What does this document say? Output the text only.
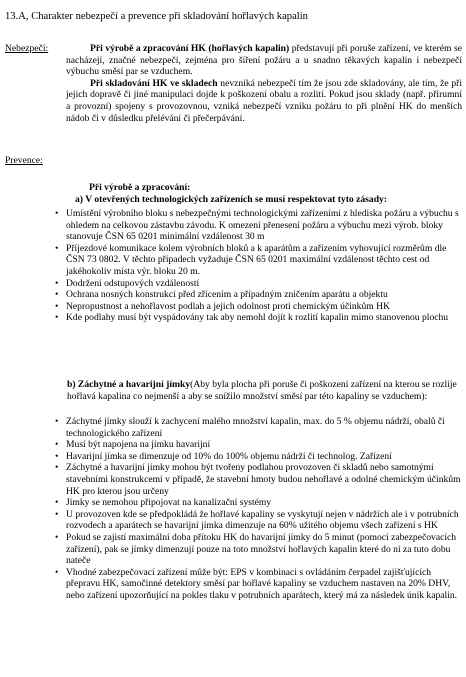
13.A, Charakter nebezpečí a prevence při skladování hořlavých kapalin
Nebezpečí:	Při výrobě a zpracování HK (hořlavých kapalin) představují při poruše zařízení, ve kterém se nacházejí, značné nebezpečí, zejména pro šíření požáru a u snadno těkavých kapalin i nebezpečí výbuchu směsí par se vzduchem.

Při skladování HK ve skladech nevzniká nebezpečí tím že jsou zde skladovány, ale tím, že při jejich dopravě či jiné manipulaci dojde k poškození obalu a rozlití. Pokud jsou sklady (např. přírumní a provozní) spojeny s provozovnou, vzniká nebezpečí vzniku požáru to při plnění HK do menších nádob či v důsledku přelévání či přečerpávání.

Prevence:
Při výrobě a zpracování:
a) V otevřených technologických zařízeních se musí respektovat tyto zásady:
• Umístění výrobního bloku s nebezpečnými technologickými zařízeními z hlediska požáru a výbuchu s ohledem na celkovou zástavbu závodu. K omezení přenesení požáru a výbuchu mezi výrob. bloky stanovuje ČSN 65 0201 minimální vzdálenost 30 m
• Příjezdové komunikace kolem výrobních bloků a k aparátům a zařízením vyhovující rozměrům dle ČSN 73 0802. V těchto případech vyžaduje ČSN 65 0201 maximální vzdálenost těchto cest od jakéhokoliv místa výr. bloku 20 m.
• Dodržení odstupových vzdáleností
• Ochrana nosných konstrukcí před zřícením a případným zničením aparátu a objektu
• Nepropustnost a nehořlavost podlah a jejich odolnost proti chemickým účinkům HK
• Kde podlahy musí být vyspádovány tak aby nemohl dojít k rozlití kapalin mimo stanovenou plochu
b) Záchytné a havarijní jímky(Aby byla plocha při poruše či poškození zařízení na kterou se rozlije hořlavá kapalina co nejmenší a aby se snížilo množství směsí par této kapaliny se vzduchem):
• Záchytné jímky slouží k zachycení malého množství kapalin, max. do 5 % objemu nádrží, obalů či technologického zařízení
• Musí být napojena na jímku havarijní
• Havarijní jímka se dimenzuje od 10% do 100% objemu nádrží či technolog. Zařízení
• Záchytné a havarijní jímky mohou být tvořeny podlahou provozoven či skladů nebo samotnými stavebními konstrukcemi v případě, že stavební hmoty budou nehořlavé a odolné chemickým účinkům HK pro kterou jsou určeny
• Jímky se nemohou připojovat na kanalizační systémy
• U provozoven kde se předpokládá že hořlavé kapaliny se vyskytují nejen v nádržích ale i v potrubních rozvodech a aparátech se havarijní jímka dimenzuje na 60% užitého objemu všech zařízení s HK
• Pokud se zajistí maximální doba přítoku HK do havarijní jímky do 5 minut (pomocí zabezpečovacích zařízení), pak se jímky dimenzují pouze na toto množství hořlavých kapalin které do ní za tuto dobu nateče
• Vhodné zabezpečovací zařízení může být: EPS v kombinaci s ovládáním čerpadel zajišťujících přepravu HK, samočinné detektory směsí par hořlavé kapaliny se vzduchem nastaven na 20% DHV, nebo zařízení upozorňující na pokles tlaku v potrubních aparátech, který má za následek únik kapalin.
